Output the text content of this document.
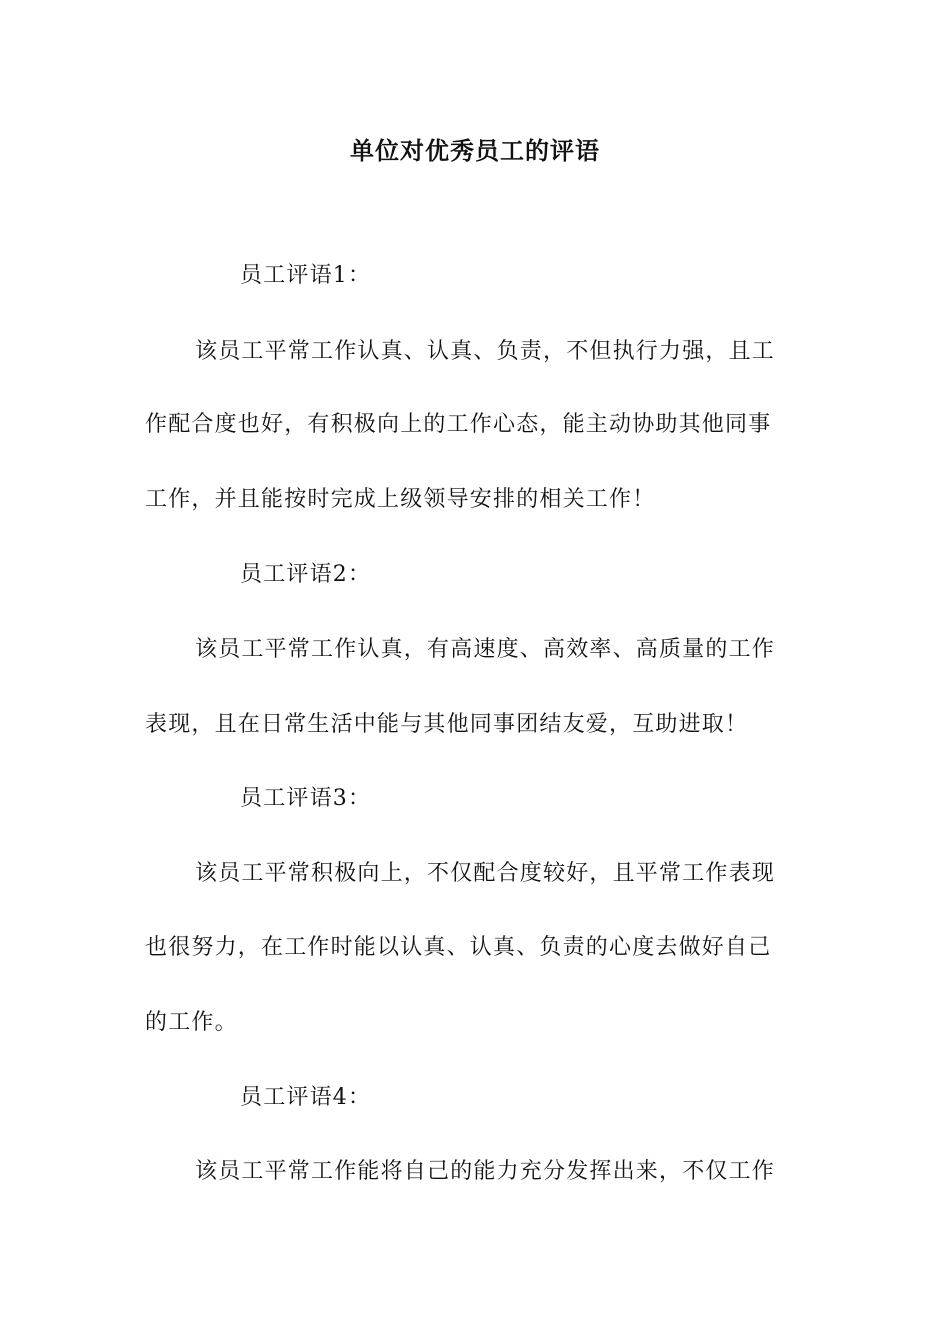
单位对优秀员工的评语
员工评语1：
该员工平常工作认真、认真、负责，不但执行力强，且工
作配合度也好，有积极向上的工作心态，能主动协助其他同事
工作，并且能按时完成上级领导安排的相关工作！
员工评语2：
该员工平常工作认真，有高速度、高效率、高质量的工作
表现，且在日常生活中能与其他同事团结友爱，互助进取！
员工评语3：
该员工平常积极向上，不仅配合度较好，且平常工作表现
也很努力，在工作时能以认真、认真、负责的心度去做好自己
的工作。
员工评语4：
该员工平常工作能将自己的能力充分发挥出来，不仅工作
